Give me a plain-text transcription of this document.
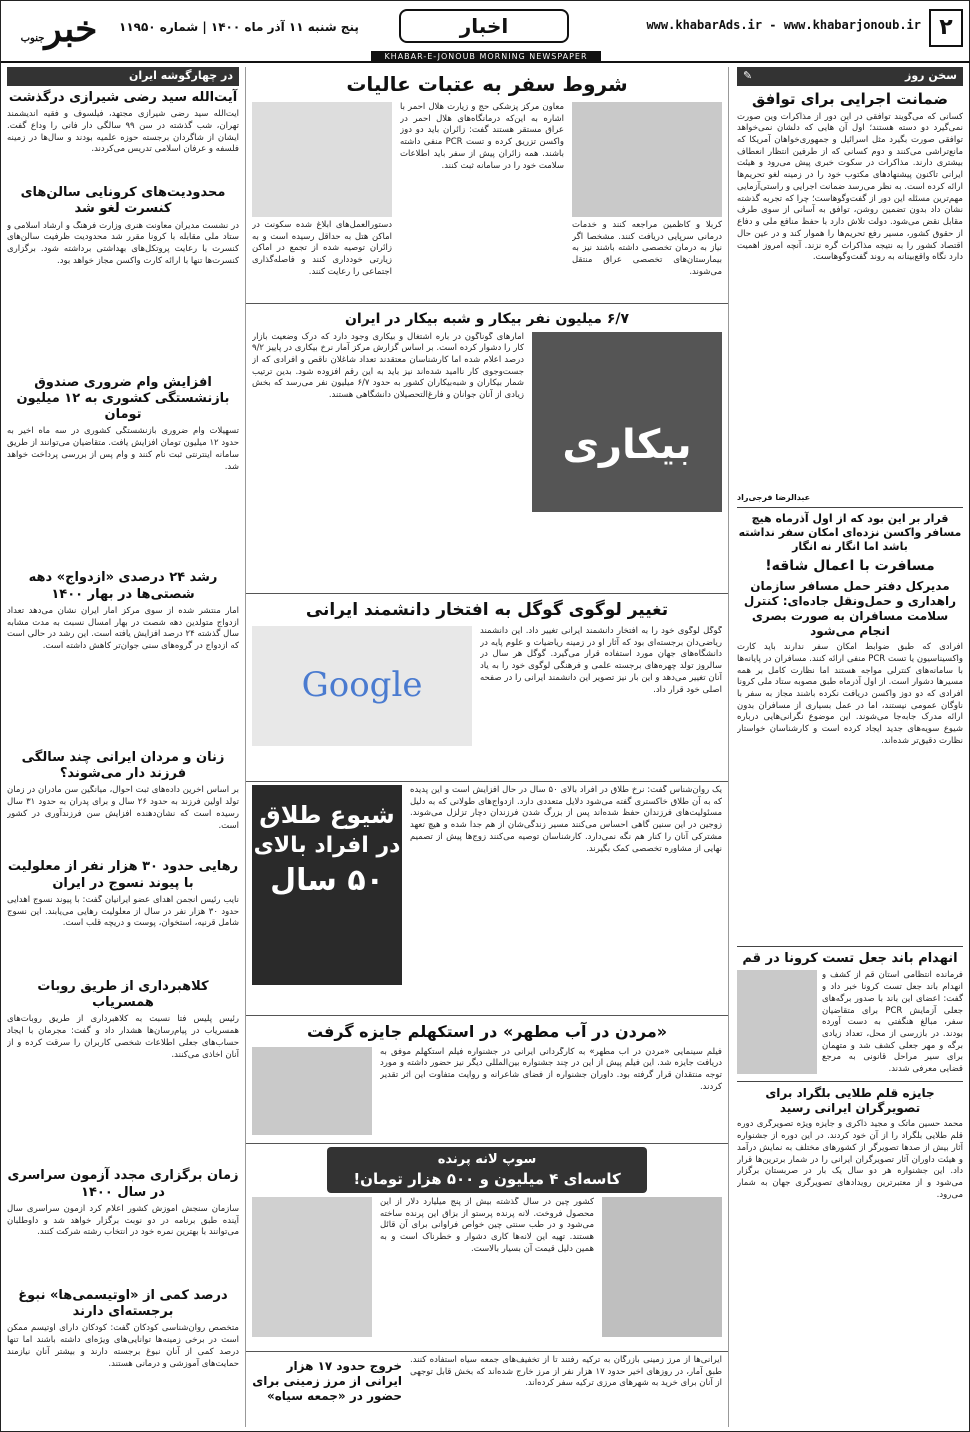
۲
www.khabarAds.ir - www.khabarjonoub.ir
اخبار
پنج شنبه ۱۱ آذر ماه ۱۴۰۰ | شماره ۱۱۹۵۰
خبرجنوب
KHABAR-E-JONOUB MORNING NEWSPAPER
سخن روز
✎
ضمانت اجرایی برای توافق

کسانی که می‌گویند توافقی در این دور از مذاکرات وین صورت نمی‌گیرد دو دسته هستند؛ اول آن هایی که دلشان نمی‌خواهد توافقی صورت بگیرد مثل اسرائیل و جمهوری‌خواهان آمریکا که مانع‌تراشی می‌کنند و دوم کسانی که از طرفین انتظار انعطاف بیشتری دارند. مذاکرات در سکوت خبری پیش می‌رود و هیئت ایرانی تاکنون پیشنهادهای مکتوب خود را در زمینه لغو تحریم‌ها ارائه کرده است. به نظر می‌رسد ضمانت اجرایی و راستی‌آزمایی مهم‌ترین مسئله این دور از گفت‌وگوهاست؛ چرا که تجربه گذشته نشان داد بدون تضمین روشن، توافق به آسانی از سوی طرف مقابل نقض می‌شود. دولت تلاش دارد با حفظ منافع ملی و دفاع از حقوق کشور، مسیر رفع تحریم‌ها را هموار کند و در عین حال اقتصاد کشور را به نتیجه مذاکرات گره نزند. آنچه امروز اهمیت دارد نگاه واقع‌بینانه به روند گفت‌وگوهاست.

عبدالرضا فرجی‌راد
قرار بر این بود که از اول آذرماه هیچ مسافر واکسن نزده‌ای امکان سفر نداشته باشد اما انگار نه انگار
مسافرت با اعمال شاقه!
مدیرکل دفتر حمل مسافر سازمان راهداری و حمل‌ونقل جاده‌ای: کنترل سلامت مسافران به صورت بصری انجام می‌شود

افرادی که طبق ضوابط امکان سفر ندارند باید کارت واکسیناسیون یا تست PCR منفی ارائه کنند. مسافران در پایانه‌ها با سامانه‌های کنترلی مواجه هستند اما نظارت کامل بر همه مسیرها دشوار است. از اول آذرماه طبق مصوبه ستاد ملی کرونا افرادی که دو دوز واکسن دریافت نکرده باشند مجاز به سفر با ناوگان عمومی نیستند، اما در عمل بسیاری از مسافران بدون ارائه مدرک جابه‌جا می‌شوند. این موضوع نگرانی‌هایی درباره شیوع سویه‌های جدید ایجاد کرده است و کارشناسان خواستار نظارت دقیق‌تر شده‌اند.

انهدام باند جعل تست کرونا در قم

فرمانده انتظامی استان قم از کشف و انهدام باند جعل تست کرونا خبر داد و گفت: اعضای این باند با صدور برگه‌های جعلی آزمایش PCR برای متقاضیان سفر، مبالغ هنگفتی به دست آورده بودند. در بازرسی از محل، تعداد زیادی برگه و مهر جعلی کشف شد و متهمان برای سیر مراحل قانونی به مرجع قضایی معرفی شدند.

جایزه قلم طلایی بلگراد برای تصویرگران ایرانی رسید

محمد حسین ماتک و مجید ذاکری و جایزه ویژه تصویرگری دوره قلم طلایی بلگراد را از آن خود کردند. در این دوره از جشنواره آثار بیش از صدها تصویرگر از کشورهای مختلف به نمایش درآمد و هیئت داوران آثار تصویرگران ایرانی را در شمار برترین‌ها قرار داد. این جشنواره هر دو سال یک بار در صربستان برگزار می‌شود و از معتبرترین رویدادهای تصویرگری جهان به شمار می‌رود.

شروط سفر به عتبات عالیات

کربلا و کاظمین مراجعه کنند و خدمات درمانی سرپایی دریافت کنند. مشخصا اگر نیاز به درمان تخصصی داشته باشند نیز به بیمارستان‌های تخصصی عراق منتقل می‌شوند.

معاون مرکز پزشکی حج و زیارت هلال احمر با اشاره به این‌که درمانگاه‌های هلال احمر در عراق مستقر هستند گفت: زائران باید دو دوز واکسن تزریق کرده و تست PCR منفی داشته باشند. همه زائران پیش از سفر باید اطلاعات سلامت خود را در سامانه ثبت کنند.

دستورالعمل‌های ابلاغ شده سکونت در اماکن هتل به حداقل رسیده است و به زائران توصیه شده از تجمع در اماکن زیارتی خودداری کنند و فاصله‌گذاری اجتماعی را رعایت کنند.

۶/۷ میلیون نفر بیکار و شبه بیکار در ایران
بیکاری

آمارهای گوناگون در باره اشتغال و بیکاری وجود دارد که درک وضعیت بازار کار را دشوار کرده است. بر اساس گزارش مرکز آمار نرخ بیکاری در پاییز ۹/۲ درصد اعلام شده اما کارشناسان معتقدند تعداد شاغلان ناقص و افرادی که از جست‌وجوی کار ناامید شده‌اند نیز باید به این رقم افزوده شود. بدین ترتیب شمار بیکاران و شبه‌بیکاران کشور به حدود ۶/۷ میلیون نفر می‌رسد که بخش زیادی از آنان جوانان و فارغ‌التحصیلان دانشگاهی هستند.

تغییر لوگوی گوگل به افتخار دانشمند ایرانی

گوگل لوگوی خود را به افتخار دانشمند ایرانی تغییر داد. این دانشمند ریاضی‌دان برجسته‌ای بود که آثار او در زمینه ریاضیات و علوم پایه در دانشگاه‌های جهان مورد استفاده قرار می‌گیرد. گوگل هر سال در سالروز تولد چهره‌های برجسته علمی و فرهنگی لوگوی خود را به یاد آنان تغییر می‌دهد و این بار نیز تصویر این دانشمند ایرانی را در صفحه اصلی خود قرار داد.

Google

یک روان‌شناس گفت: نرخ طلاق در افراد بالای ۵۰ سال در حال افزایش است و این پدیده که به آن طلاق خاکستری گفته می‌شود دلایل متعددی دارد. ازدواج‌های طولانی که به دلیل مسئولیت‌های فرزندان حفظ شده‌اند پس از بزرگ شدن فرزندان دچار تزلزل می‌شوند. زوجین در این سنین گاهی احساس می‌کنند مسیر زندگی‌شان از هم جدا شده و هیچ تعهد مشترکی آنان را کنار هم نگه نمی‌دارد. کارشناسان توصیه می‌کنند زوج‌ها پیش از تصمیم نهایی از مشاوره تخصصی کمک بگیرند.

شیوع طلاق
در افراد بالای
۵۰ سال
«مردن در آب مطهر» در استکهلم جایزه گرفت

فیلم سینمایی «مردن در آب مطهر» به کارگردانی ایرانی در جشنواره فیلم استکهلم موفق به دریافت جایزه شد. این فیلم پیش از این در چند جشنواره بین‌المللی دیگر نیز حضور داشته و مورد توجه منتقدان قرار گرفته بود. داوران جشنواره از فضای شاعرانه و روایت متفاوت این اثر تقدیر کردند.

سوپ لانه پرنده
کاسه‌ای ۴ میلیون و ۵۰۰ هزار تومان!

کشور چین در سال گذشته بیش از پنج میلیارد دلار از این محصول فروخت. لانه پرنده پرستو از بزاق این پرنده ساخته می‌شود و در طب سنتی چین خواص فراوانی برای آن قائل هستند. تهیه این لانه‌ها کاری دشوار و خطرناک است و به همین دلیل قیمت آن بسیار بالاست.

ایرانی‌ها از مرز زمینی بازرگان به ترکیه رفتند تا از تخفیف‌های جمعه سیاه استفاده کنند. طبق آمار، در روزهای اخیر حدود ۱۷ هزار نفر از مرز خارج شده‌اند که بخش قابل توجهی از آنان برای خرید به شهرهای مرزی ترکیه سفر کرده‌اند.

خروج حدود ۱۷ هزار ایرانی از مرز زمینی برای حضور در «جمعه سیاه»
در چهارگوشه ایران
آیت‌الله سید رضی شیرازی درگذشت

آیت‌الله سید رضی شیرازی مجتهد، فیلسوف و فقیه اندیشمند تهران، شب گذشته در سن ۹۹ سالگی دار فانی را وداع گفت. ایشان از شاگردان برجسته حوزه علمیه بودند و سال‌ها در زمینه فلسفه و عرفان اسلامی تدریس می‌کردند.

محدودیت‌های کرونایی سالن‌های کنسرت لغو شد

در نشست مدیران معاونت هنری وزارت فرهنگ و ارشاد اسلامی و ستاد ملی مقابله با کرونا مقرر شد محدودیت ظرفیت سالن‌های کنسرت با رعایت پروتکل‌های بهداشتی برداشته شود. برگزاری کنسرت‌ها تنها با ارائه کارت واکسن مجاز خواهد بود.

افزایش وام ضروری صندوق بازنشستگی کشوری به ۱۲ میلیون تومان

تسهیلات وام ضروری بازنشستگی کشوری در سه ماه اخیر به حدود ۱۲ میلیون تومان افزایش یافت. متقاضیان می‌توانند از طریق سامانه اینترنتی ثبت نام کنند و وام پس از بررسی پرداخت خواهد شد.

رشد ۲۴ درصدی «ازدواج» دهه شصتی‌ها در بهار ۱۴۰۰

آمار منتشر شده از سوی مرکز آمار ایران نشان می‌دهد تعداد ازدواج متولدین دهه شصت در بهار امسال نسبت به مدت مشابه سال گذشته ۲۴ درصد افزایش یافته است. این رشد در حالی است که ازدواج در گروه‌های سنی جوان‌تر کاهش داشته است.

زنان و مردان ایرانی چند سالگی فرزند دار می‌شوند؟

بر اساس آخرین داده‌های ثبت احوال، میانگین سن مادران در زمان تولد اولین فرزند به حدود ۲۶ سال و برای پدران به حدود ۳۱ سال رسیده است که نشان‌دهنده افزایش سن فرزندآوری در کشور است.

رهایی حدود ۳۰ هزار نفر از معلولیت با پیوند نسوج در ایران

نایب رئیس انجمن اهدای عضو ایرانیان گفت: با پیوند نسوج اهدایی حدود ۳۰ هزار نفر در سال از معلولیت رهایی می‌یابند. این نسوج شامل قرنیه، استخوان، پوست و دریچه قلب است.

کلاهبرداری از طریق روبات همسریاب

رئیس پلیس فتا نسبت به کلاهبرداری از طریق روبات‌های همسریاب در پیام‌رسان‌ها هشدار داد و گفت: مجرمان با ایجاد حساب‌های جعلی اطلاعات شخصی کاربران را سرقت کرده و از آنان اخاذی می‌کنند.

زمان برگزاری مجدد آزمون سراسری در سال ۱۴۰۰

سازمان سنجش آموزش کشور اعلام کرد آزمون سراسری سال آینده طبق برنامه در دو نوبت برگزار خواهد شد و داوطلبان می‌توانند با بهترین نمره خود در انتخاب رشته شرکت کنند.

درصد کمی از «اوتیسمی‌ها» نبوغ برجسته‌ای دارند

متخصص روان‌شناسی کودکان گفت: کودکان دارای اوتیسم ممکن است در برخی زمینه‌ها توانایی‌های ویژه‌ای داشته باشند اما تنها درصد کمی از آنان نبوغ برجسته دارند و بیشتر آنان نیازمند حمایت‌های آموزشی و درمانی هستند.
